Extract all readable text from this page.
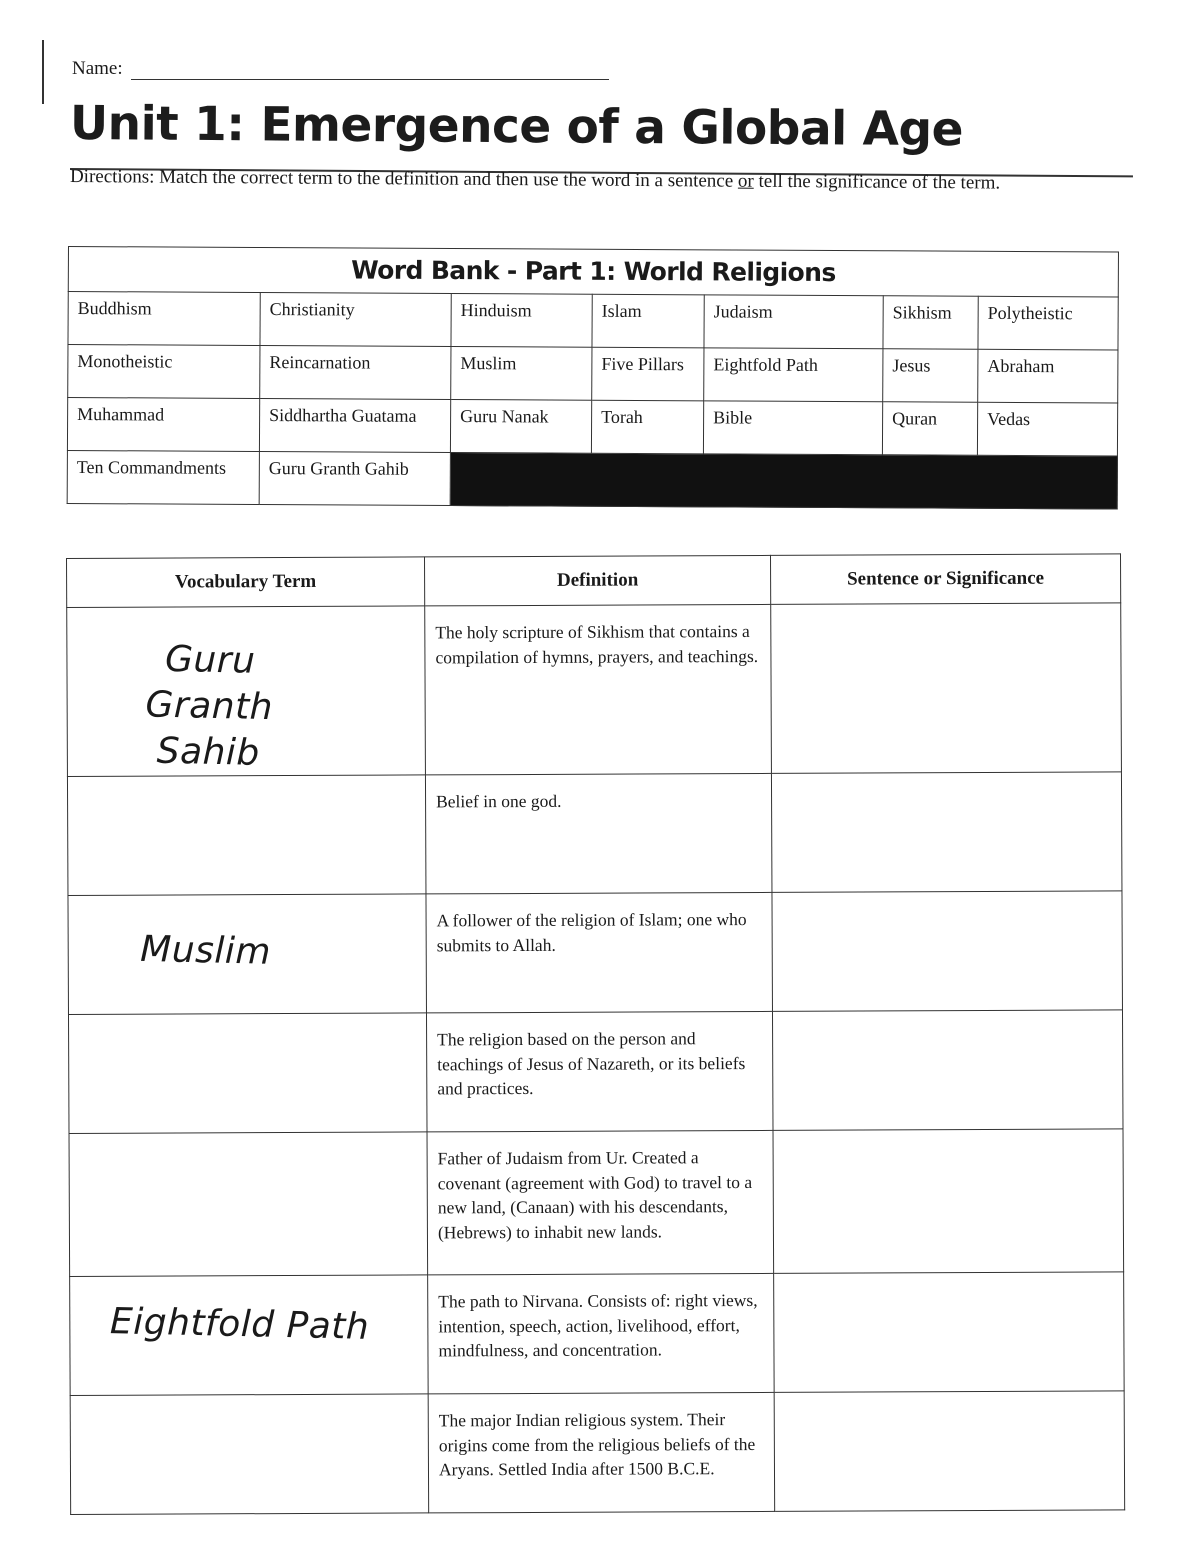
Name:
Unit 1: Emergence of a Global Age
Directions: Match the correct term to the definition and then use the word in a sentence or tell the significance of the term.
Word Bank - Part 1: World Religions						
Buddhism	Christianity	Hinduism	Islam	Judaism	Sikhism	Polytheistic
Monotheistic	Reincarnation	Muslim	Five Pillars	Eightfold Path	Jesus	Abraham
Muhammad	Siddhartha Guatama	Guru Nanak	Torah	Bible	Quran	Vedas
Ten Commandments	Guru Granth Gahib					
Vocabulary Term	Definition	Sentence or Significance

Guru Granth Sahib	The holy scripture of Sikhism that contains a compilation of hymns, prayers, and teachings.	

	Belief in one god.	

Muslim	A follower of the religion of Islam; one who submits to Allah.	

	The religion based on the person and teachings of Jesus of Nazareth, or its beliefs and practices.	

	Father of Judaism from Ur. Created a covenant (agreement with God) to travel to a new land, (Canaan) with his descendants, (Hebrews) to inhabit new lands.	

Eightfold Path	The path to Nirvana. Consists of: right views, intention, speech, action, livelihood, effort, mindfulness, and concentration.	

	The major Indian religious system. Their origins come from the religious beliefs of the Aryans. Settled India after 1500 B.C.E.	
